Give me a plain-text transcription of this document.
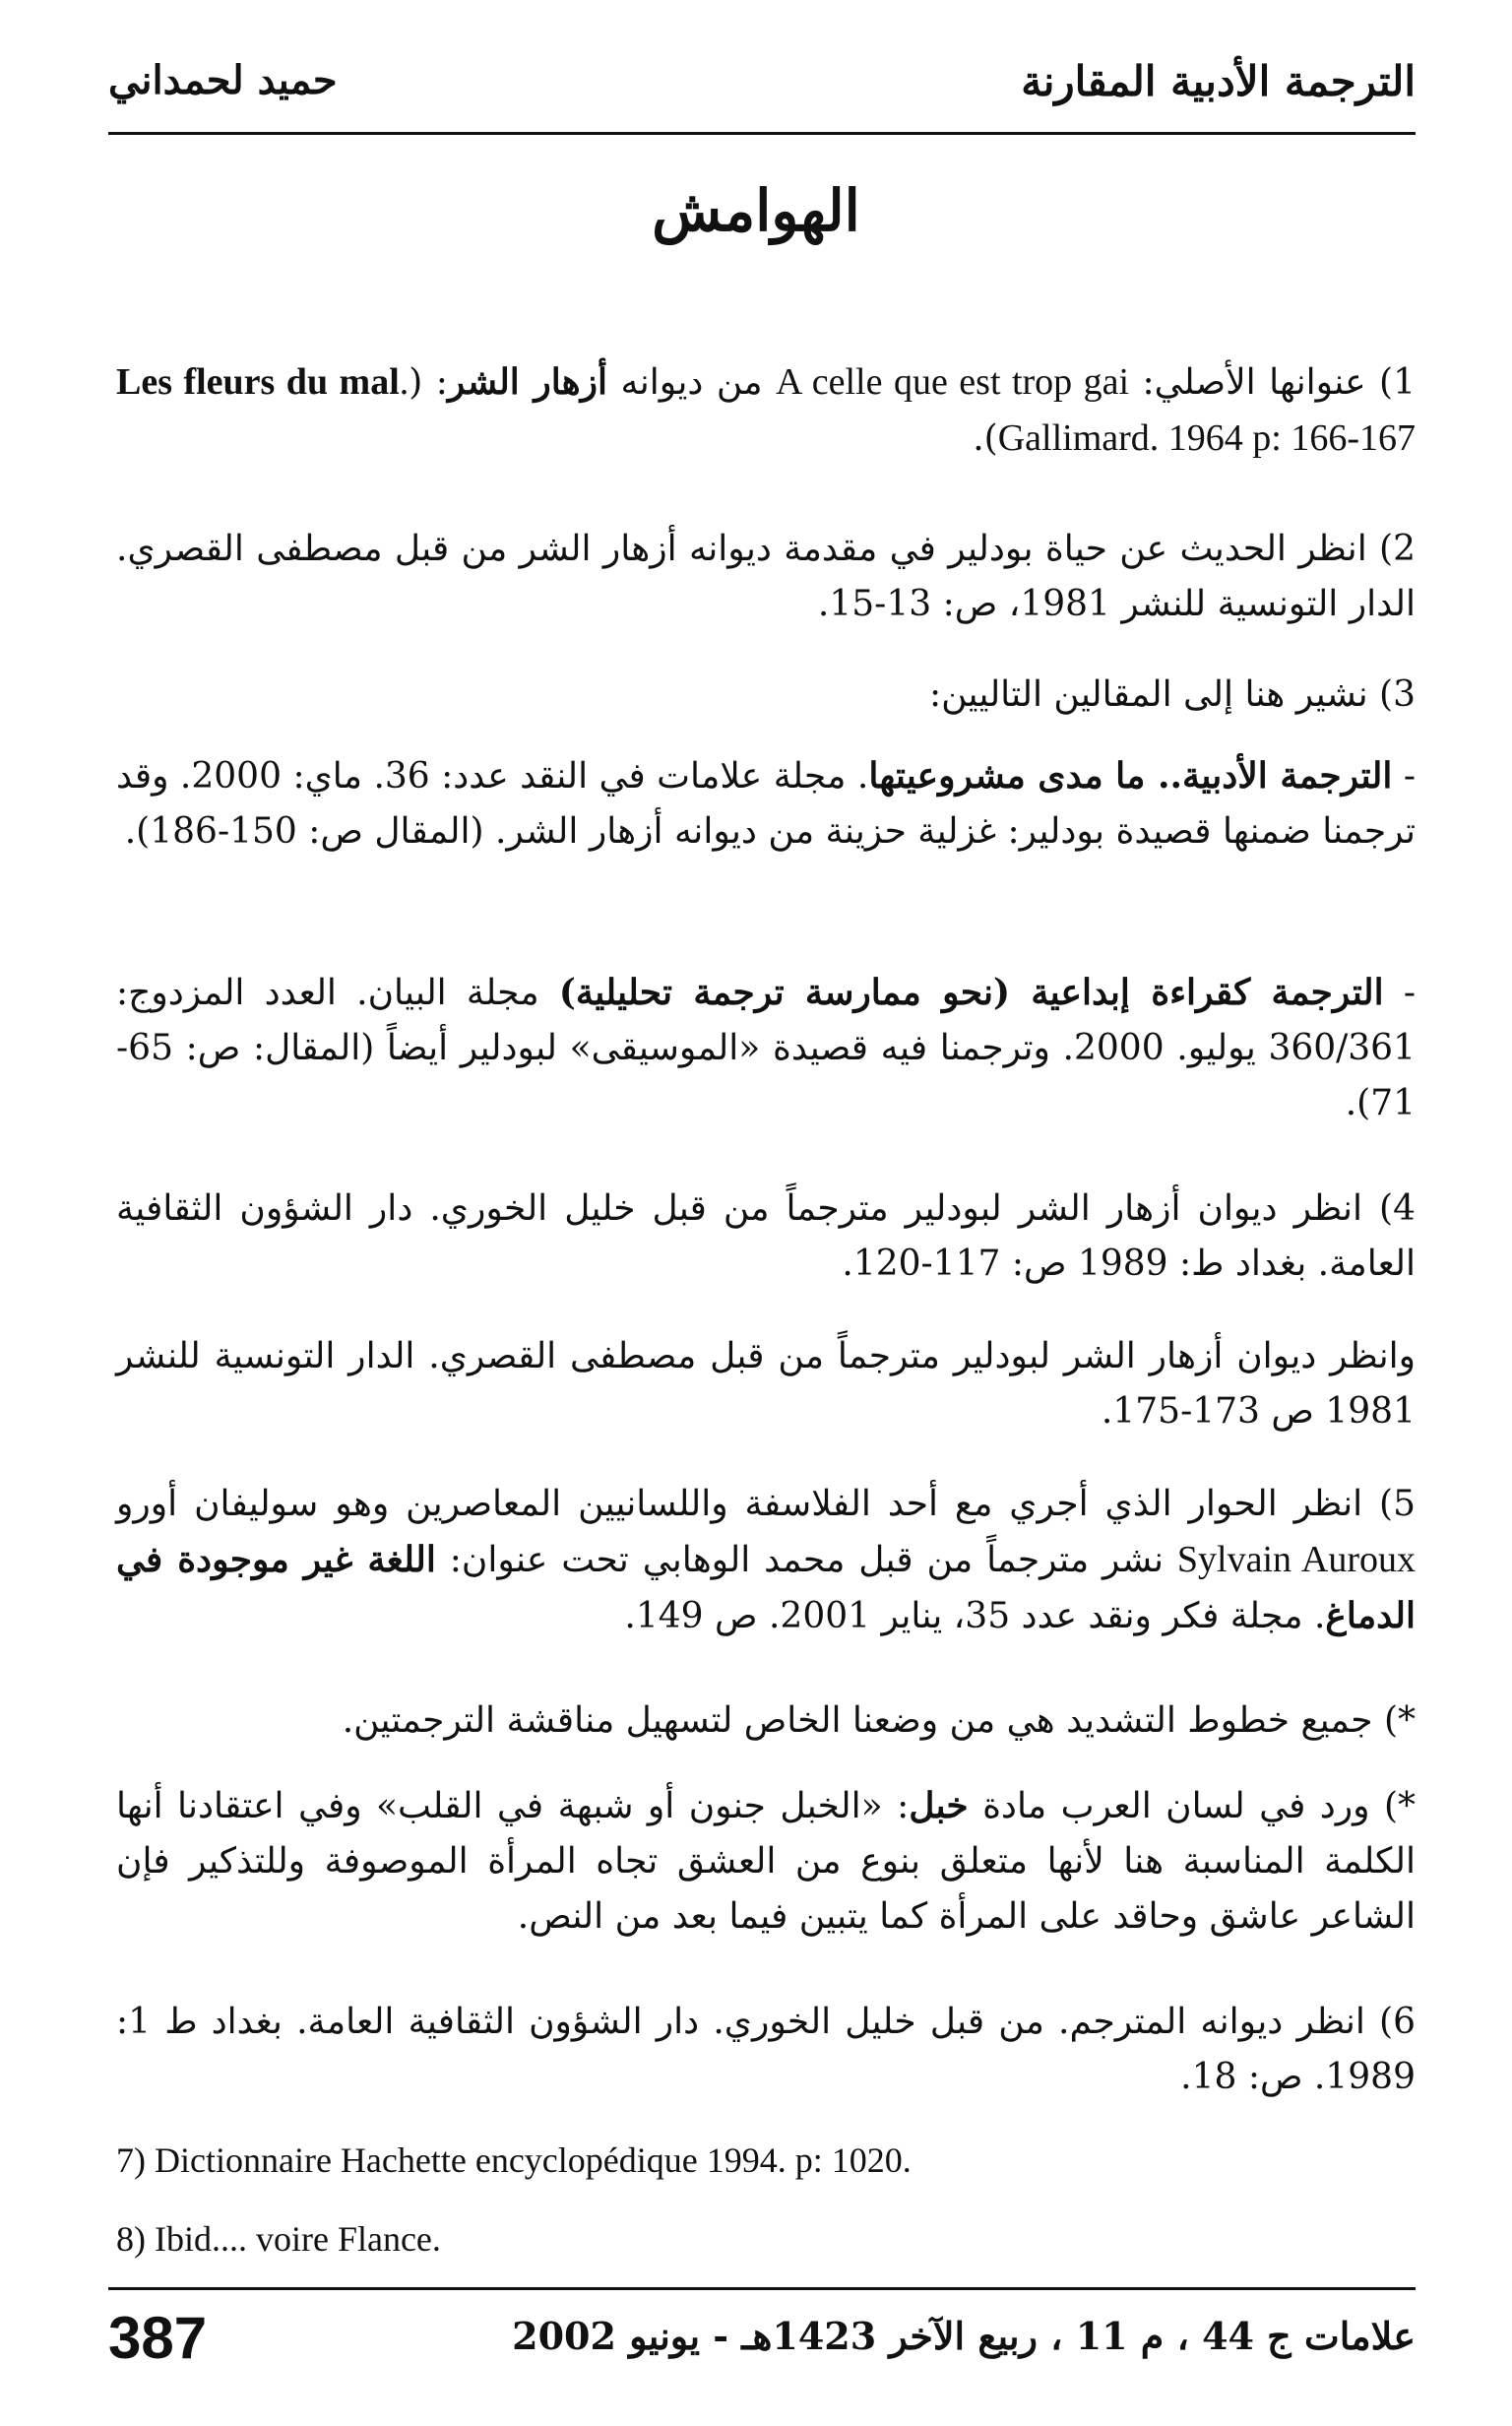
حميد لحمداني	الترجمة الأدبية المقارنة
الهوامش
1) عنوانها الأصلي: A celle que est trop gai من ديوانه أزهار الشر: (Les fleurs du mal. Gallimard. 1964 p: 166-167).
2) انظر الحديث عن حياة بودلير في مقدمة ديوانه أزهار الشر من قبل مصطفى القصري. الدار التونسية للنشر 1981، ص: 13-15.
3) نشير هنا إلى المقالين التاليين:
- الترجمة الأدبية.. ما مدى مشروعيتها. مجلة علامات في النقد عدد: 36. ماي: 2000. وقد ترجمنا ضمنها قصيدة بودلير: غزلية حزينة من ديوانه أزهار الشر. (المقال ص: 150-186).
- الترجمة كقراءة إبداعية (نحو ممارسة ترجمة تحليلية) مجلة البيان. العدد المزدوج: 360/361 يوليو. 2000. وترجمنا فيه قصيدة «الموسيقى» لبودلير أيضاً (المقال: ص: 65-71).
4) انظر ديوان أزهار الشر لبودلير مترجماً من قبل خليل الخوري. دار الشؤون الثقافية العامة. بغداد ط: 1989 ص: 117-120.
وانظر ديوان أزهار الشر لبودلير مترجماً من قبل مصطفى القصري. الدار التونسية للنشر 1981 ص 173-175.
5) انظر الحوار الذي أجري مع أحد الفلاسفة واللسانيين المعاصرين وهو سوليفان أورو Sylvain Auroux نشر مترجماً من قبل محمد الوهابي تحت عنوان: اللغة غير موجودة في الدماغ. مجلة فكر ونقد عدد 35، يناير 2001. ص 149.
*) جميع خطوط التشديد هي من وضعنا الخاص لتسهيل مناقشة الترجمتين.
*) ورد في لسان العرب مادة خبل: «الخبل جنون أو شبهة في القلب» وفي اعتقادنا أنها الكلمة المناسبة هنا لأنها متعلق بنوع من العشق تجاه المرأة الموصوفة وللتذكير فإن الشاعر عاشق وحاقد على المرأة كما يتبين فيما بعد من النص.
6) انظر ديوانه المترجم. من قبل خليل الخوري. دار الشؤون الثقافية العامة. بغداد ط 1: 1989. ص: 18.
7) Dictionnaire Hachette encyclopédique 1994. p: 1020.
8) Ibid.... voire Flance.
387	علامات ج 44 ، م 11 ، ربيع الآخر 1423هـ - يونيو 2002
